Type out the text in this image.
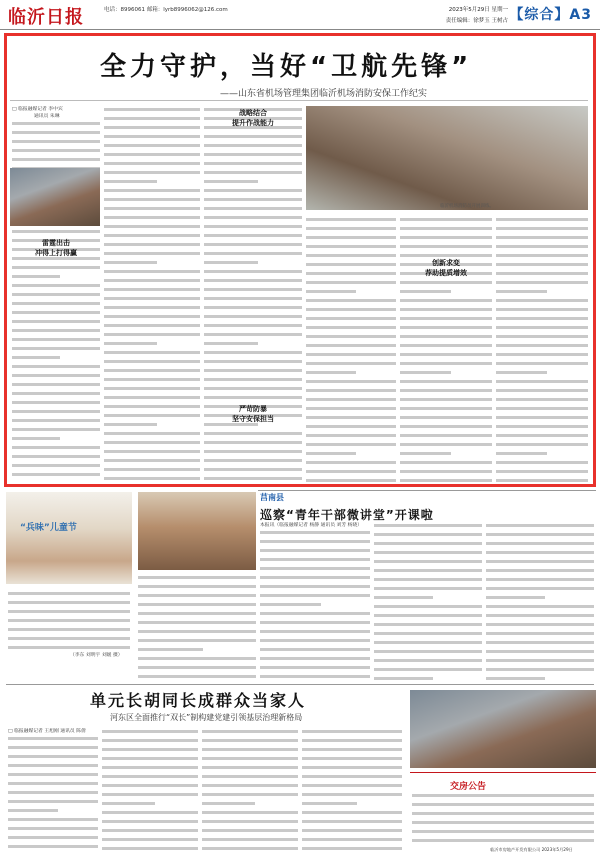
临沂日报	电话：8996061 邮箱：lyrb8996062@126.com	2023年5月29日 星期一
责任编辑：徐梦玉 王树占 【综合】A3
全力守护，当好“卫航先锋”
——山东省机场管理集团临沂机场消防安保工作纪实
□ 临报融媒记者 李中宾
通讯员 朱琳
临沂机场消防员开展训练。
雷霆出击
冲得上打得赢
战略结合
提升作战能力
严苛防暴
坚守安保担当
创新求变
荐助提质增效
“兵味”儿童节
（李东 刘明宇 刘媛 摄）
莒南县
巡察“青年干部微讲堂”开课啦
本报讯（临报融媒记者 杨静 通讯员 刘芳 杨晓）
单元长胡同长成群众当家人
河东区全面推行“双长”制构建党建引领基层治理新格局
□ 临报融媒记者 王旭刚 通讯员 陈倩
交房公告
临沂市房地产开发有限公司 2023年5月29日
